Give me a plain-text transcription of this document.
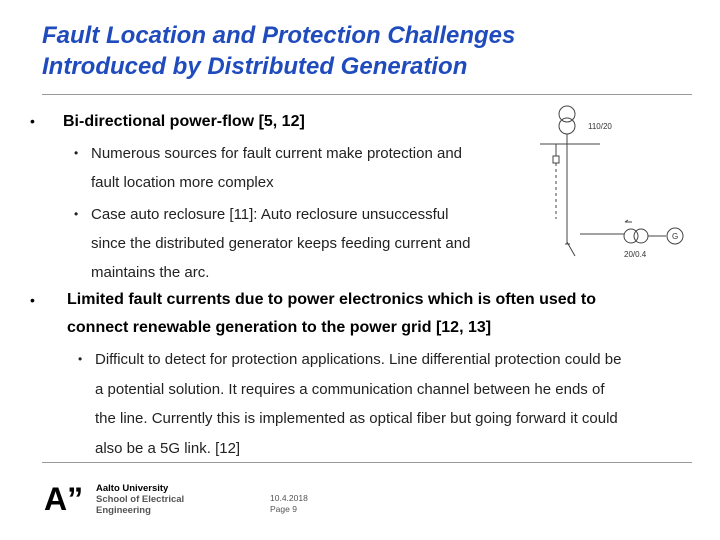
Fault Location and Protection Challenges Introduced by Distributed Generation
• Bi-directional power-flow [5, 12]
• Numerous sources for fault current make protection and
fault location more complex
• Case auto reclosure [11]: Auto reclosure unsuccessful
since the distributed generator keeps feeding current and
maintains the arc.
• Limited fault currents due to power electronics which is often used to
connect renewable generation to the power grid [12, 13]
• Difficult to detect for protection applications. Line differential protection could be
a potential solution. It requires a communication channel between he ends of
the line. Currently this is implemented as optical fiber but going forward it could
also be a 5G link. [12]
110/20
20/0.4
G
A” Aalto University
School of Electrical
Engineering
10.4.2018
Page 9
